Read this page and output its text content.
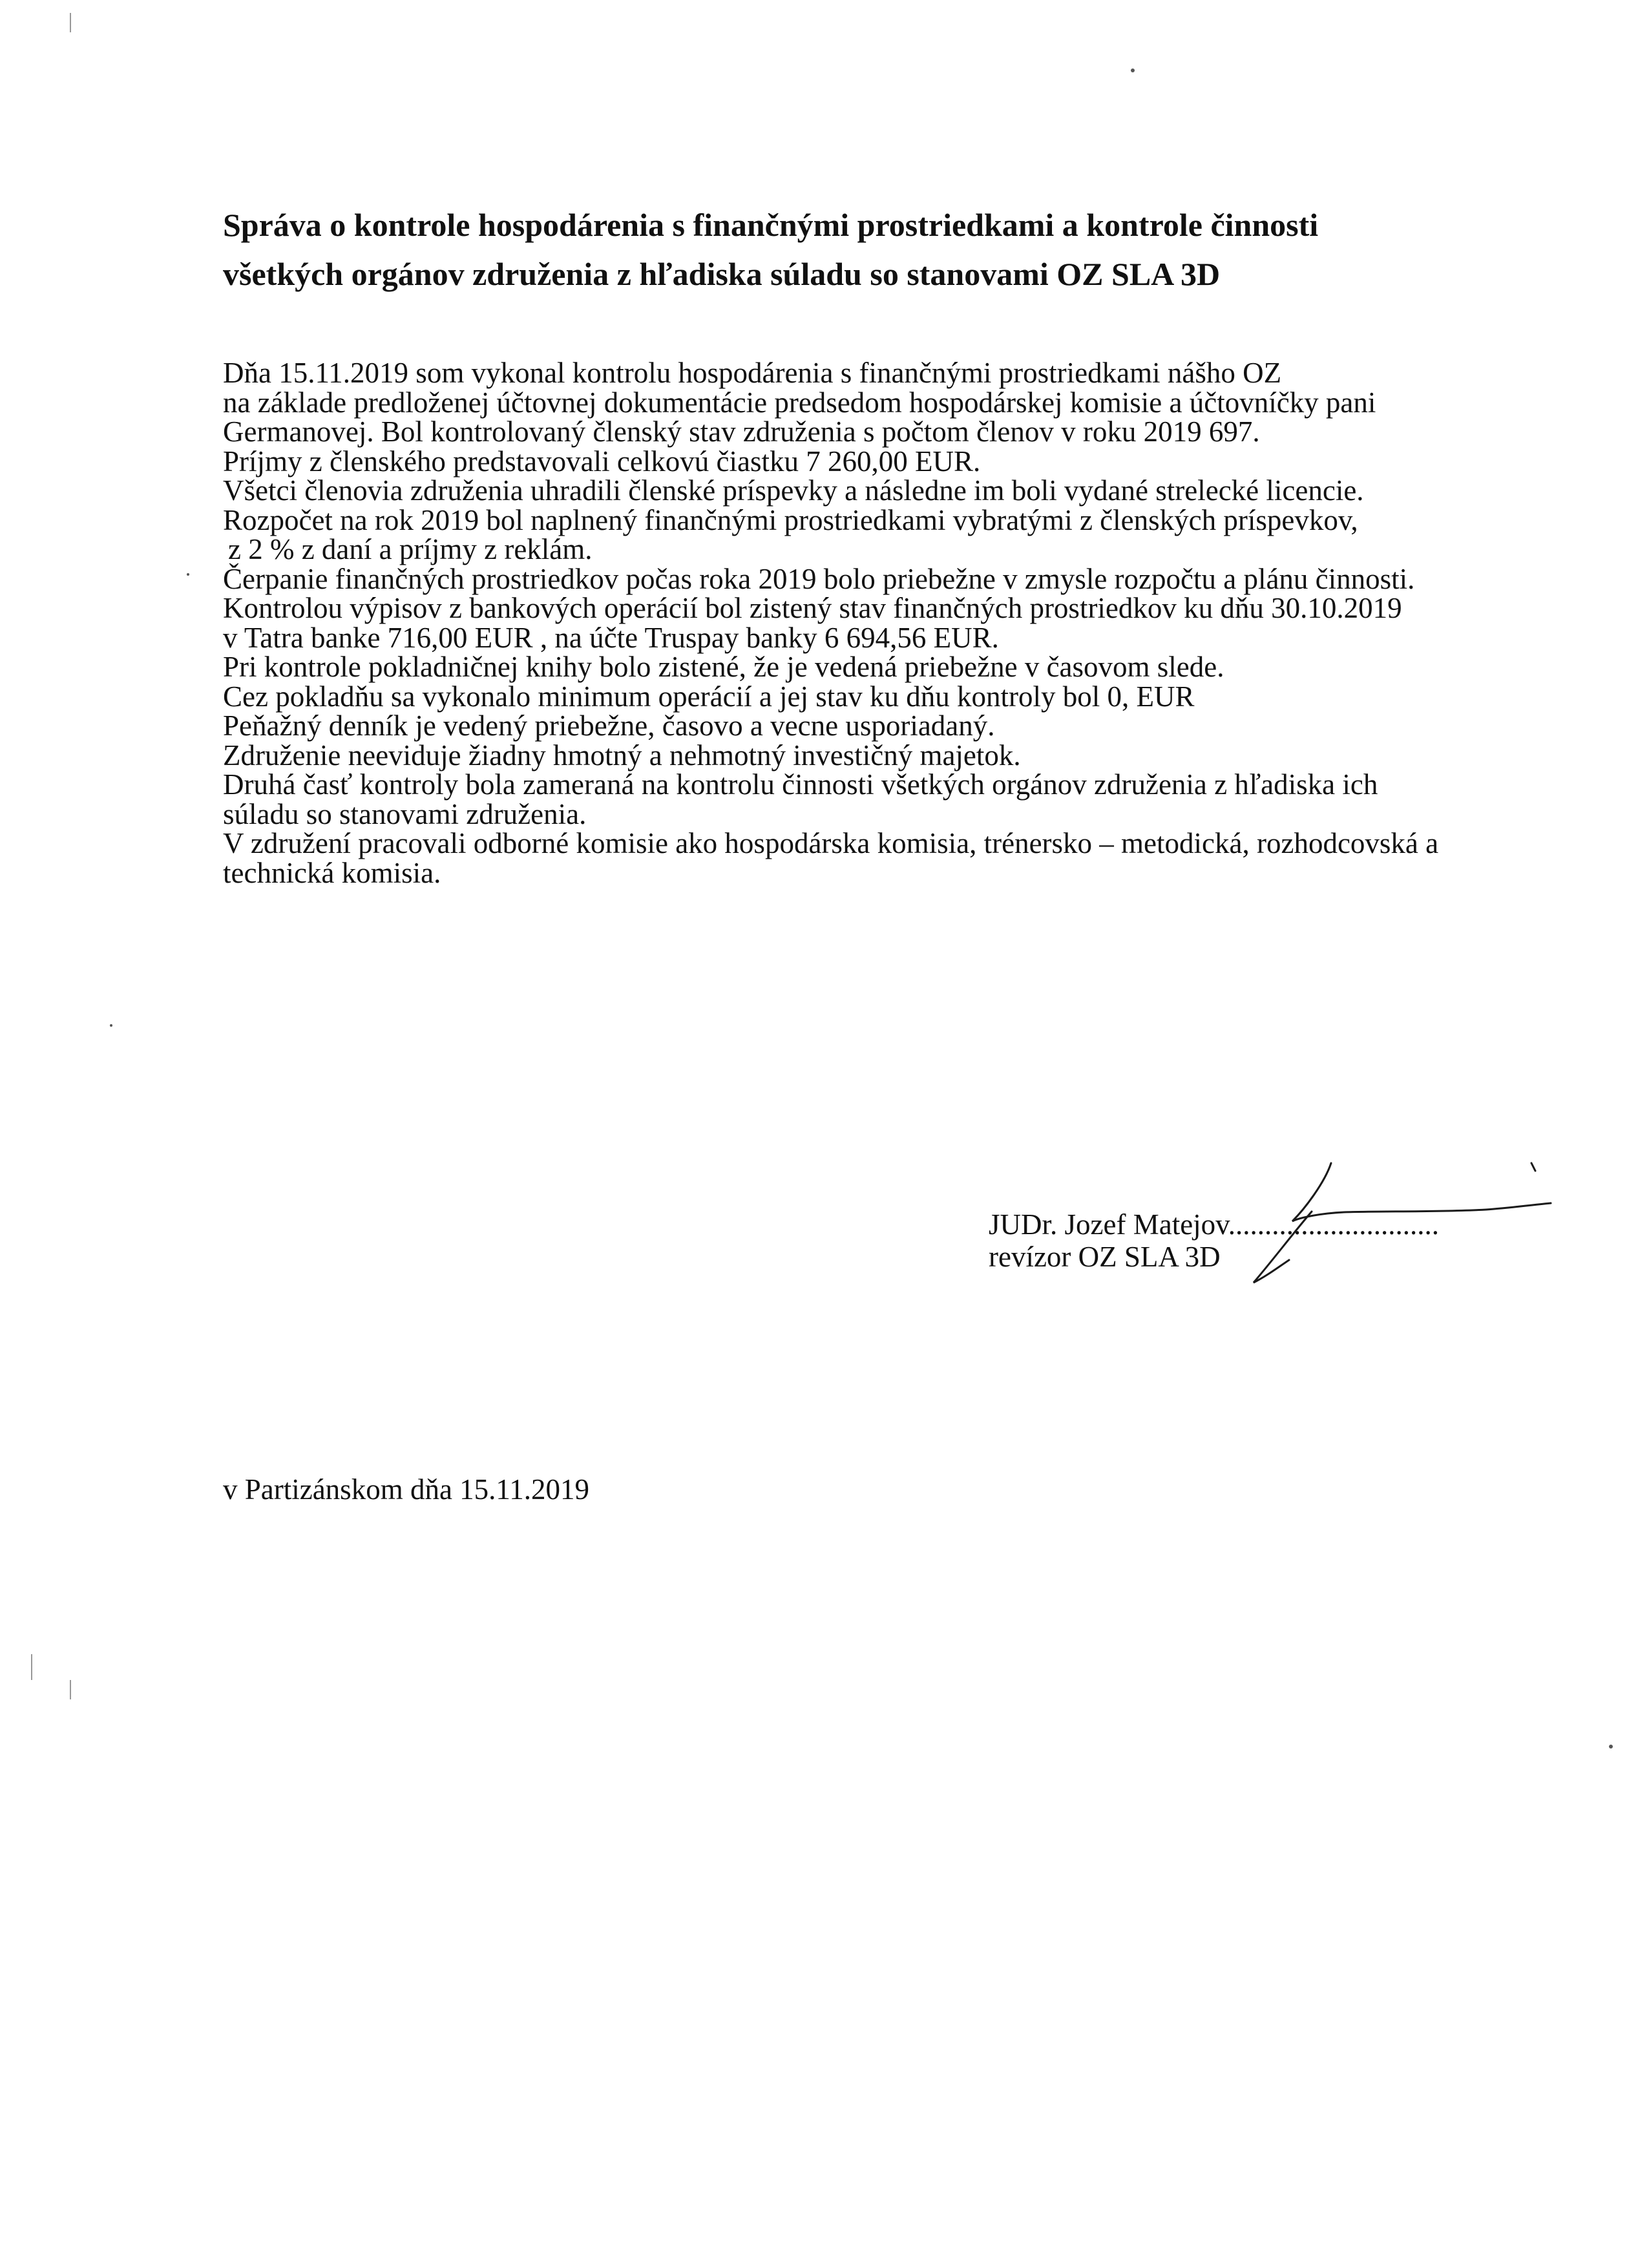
Správa o kontrole hospodárenia s finančnými prostriedkami a kontrole činnosti
všetkých orgánov združenia z hľadiska súladu so stanovami OZ SLA 3D
Dňa 15.11.2019 som vykonal kontrolu hospodárenia s finančnými prostriedkami nášho OZ
na základe predloženej účtovnej dokumentácie predsedom hospodárskej komisie a účtovníčky pani
Germanovej. Bol kontrolovaný členský stav združenia s počtom členov v roku 2019 697.
Príjmy z členského predstavovali celkovú čiastku 7 260,00 EUR.
Všetci členovia združenia uhradili členské príspevky a následne im boli vydané strelecké licencie.
Rozpočet na rok 2019 bol naplnený finančnými prostriedkami vybratými z členských príspevkov,
z 2 % z daní a príjmy z reklám.
Čerpanie finančných prostriedkov počas roka 2019 bolo priebežne v zmysle rozpočtu a plánu činnosti.
Kontrolou výpisov z bankových operácií bol zistený stav finančných prostriedkov ku dňu 30.10.2019
v Tatra banke 716,00 EUR , na účte Truspay banky 6 694,56 EUR.
Pri kontrole pokladničnej knihy bolo zistené, že je vedená priebežne v časovom slede.
Cez pokladňu sa vykonalo minimum operácií a jej stav ku dňu kontroly bol 0, EUR
Peňažný denník je vedený priebežne, časovo a vecne usporiadaný.
Združenie neeviduje žiadny hmotný a nehmotný investičný majetok.
Druhá časť kontroly bola zameraná na kontrolu činnosti všetkých orgánov združenia z hľadiska ich
súladu so stanovami združenia.
V združení pracovali odborné komisie ako hospodárska komisia, trénersko – metodická, rozhodcovská a
technická komisia.
JUDr. Jozef Matejov.............................
revízor OZ SLA 3D
v Partizánskom dňa 15.11.2019
